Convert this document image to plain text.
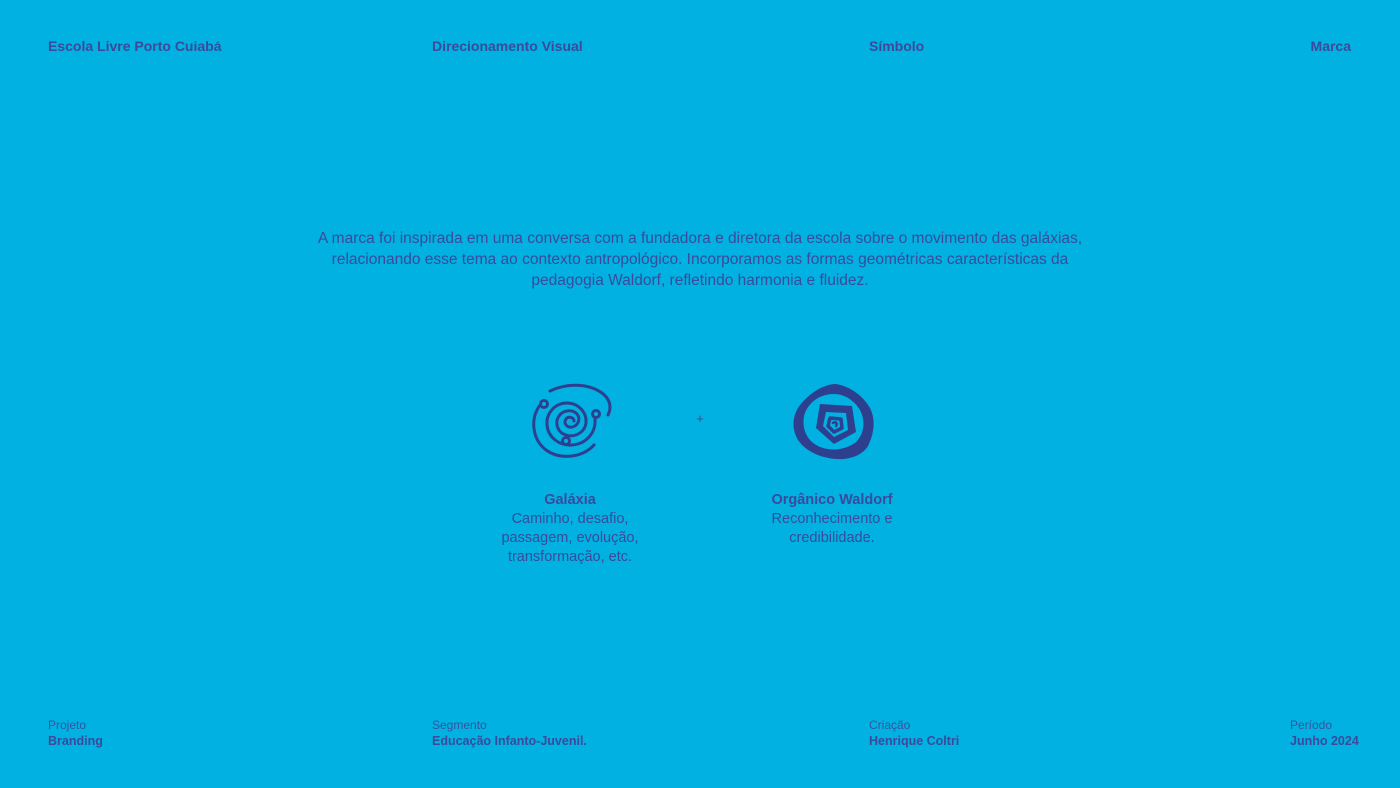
Escola Livre Porto Cuiabá	Direcionamento Visual	Símbolo	Marca
A marca foi inspirada em uma conversa com a fundadora e diretora da escola sobre o movimento das galáxias, relacionando esse tema ao contexto antropológico. Incorporamos as formas geométricas características da pedagogia Waldorf, refletindo harmonia e fluidez.
+
Galáxia
Caminho, desafio, passagem, evolução, transformação, etc.
Orgânico Waldorf
Reconhecimento e credibilidade.
Projeto
Branding
Segmento
Educação Infanto-Juvenil.
Criação
Henrique Coltri
Período
Junho 2024
